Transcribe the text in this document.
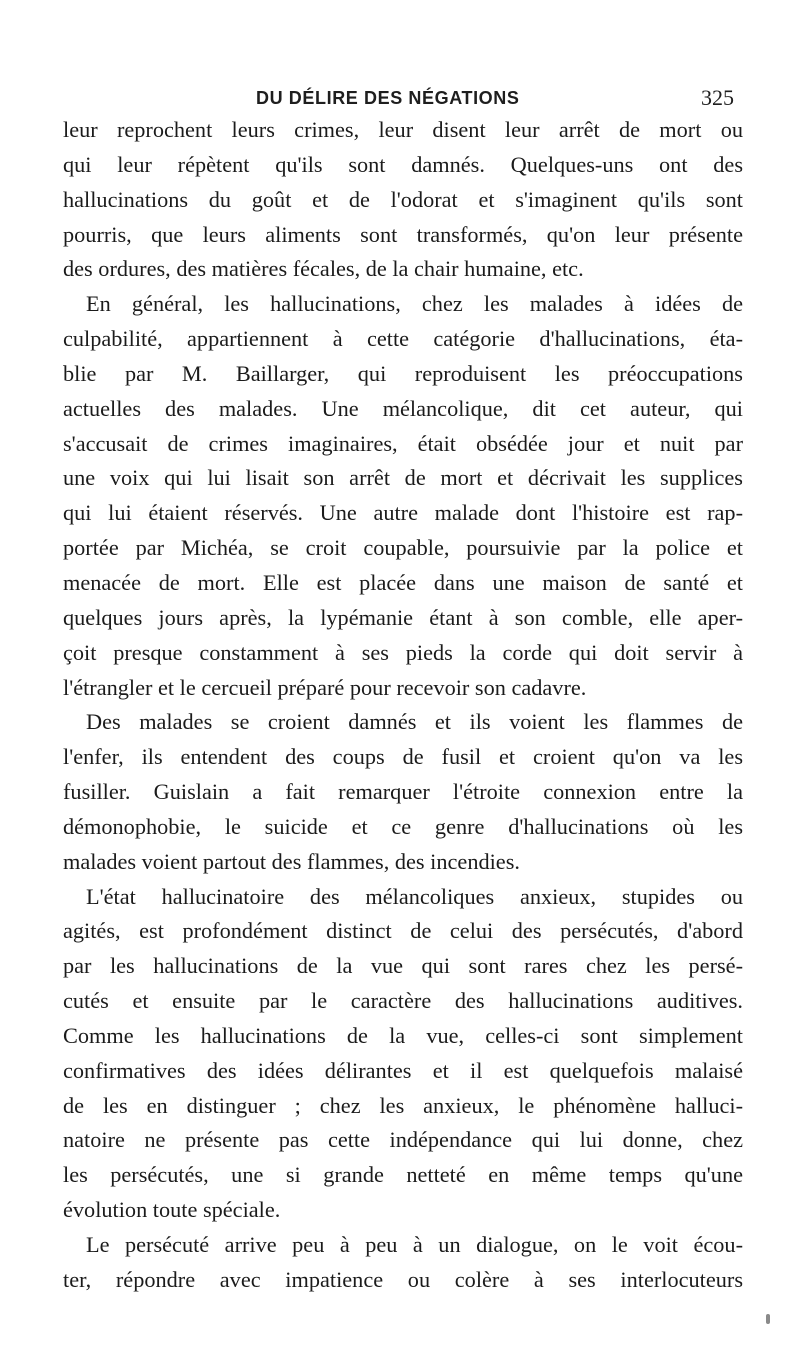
DU DÉLIRE DES NÉGATIONS	325
leur reprochent leurs crimes, leur disent leur arrêt de mort ou
qui leur répètent qu'ils sont damnés. Quelques-uns ont des
hallucinations du goût et de l'odorat et s'imaginent qu'ils sont
pourris, que leurs aliments sont transformés, qu'on leur présente
des ordures, des matières fécales, de la chair humaine, etc.
En général, les hallucinations, chez les malades à idées de
culpabilité, appartiennent à cette catégorie d'hallucinations, éta-
blie par M. Baillarger, qui reproduisent les préoccupations
actuelles des malades. Une mélancolique, dit cet auteur, qui
s'accusait de crimes imaginaires, était obsédée jour et nuit par
une voix qui lui lisait son arrêt de mort et décrivait les supplices
qui lui étaient réservés. Une autre malade dont l'histoire est rap-
portée par Michéa, se croit coupable, poursuivie par la police et
menacée de mort. Elle est placée dans une maison de santé et
quelques jours après, la lypémanie étant à son comble, elle aper-
çoit presque constamment à ses pieds la corde qui doit servir à
l'étrangler et le cercueil préparé pour recevoir son cadavre.
Des malades se croient damnés et ils voient les flammes de
l'enfer, ils entendent des coups de fusil et croient qu'on va les
fusiller. Guislain a fait remarquer l'étroite connexion entre la
démonophobie, le suicide et ce genre d'hallucinations où les
malades voient partout des flammes, des incendies.
L'état hallucinatoire des mélancoliques anxieux, stupides ou
agités, est profondément distinct de celui des persécutés, d'abord
par les hallucinations de la vue qui sont rares chez les persé-
cutés et ensuite par le caractère des hallucinations auditives.
Comme les hallucinations de la vue, celles-ci sont simplement
confirmatives des idées délirantes et il est quelquefois malaisé
de les en distinguer ; chez les anxieux, le phénomène halluci-
natoire ne présente pas cette indépendance qui lui donne, chez
les persécutés, une si grande netteté en même temps qu'une
évolution toute spéciale.
Le persécuté arrive peu à peu à un dialogue, on le voit écou-
ter, répondre avec impatience ou colère à ses interlocuteurs
